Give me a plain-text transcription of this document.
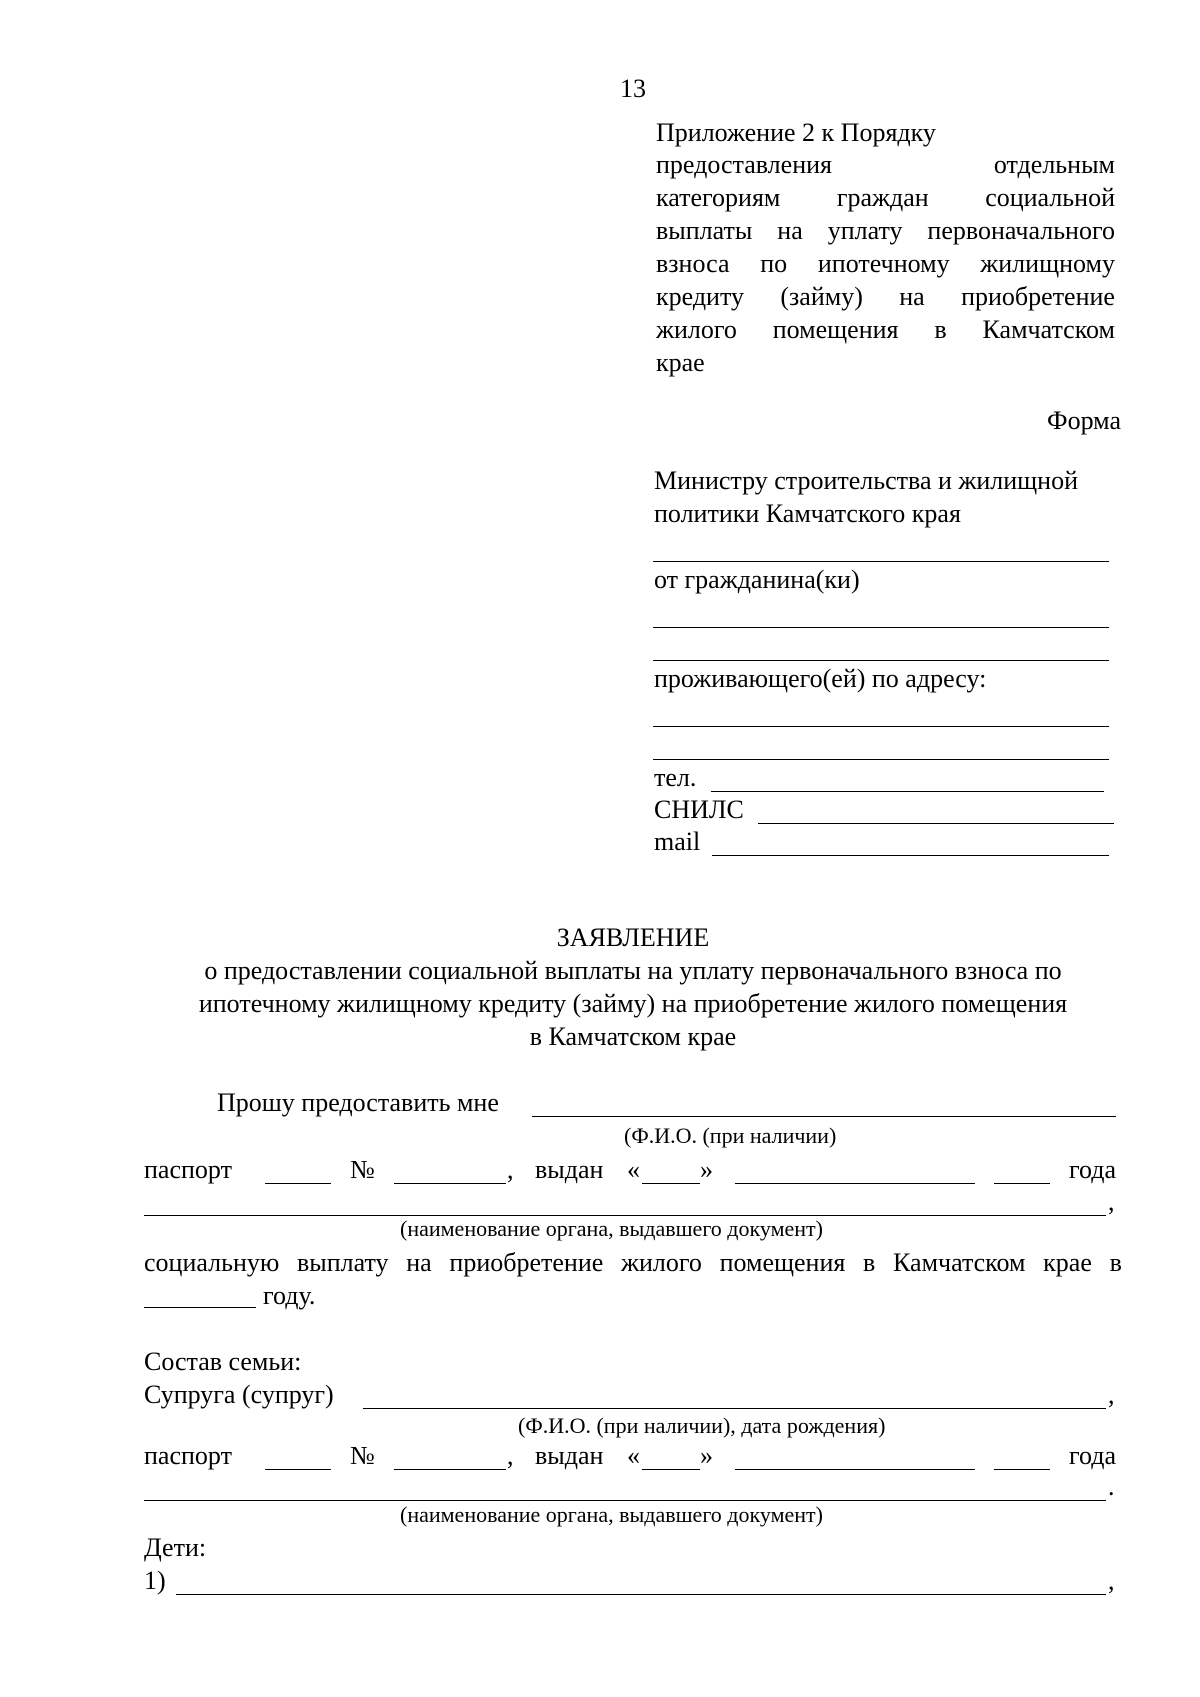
13
Приложение 2 к Порядку
предоставления	отдельным
категориям граждан социальной
выплаты на уплату первоначального
взноса по ипотечному жилищному
кредиту (займу) на приобретение
жилого помещения в Камчатском
крае
Форма
Министру строительства и жилищной
политики Камчатского края
от гражданина(ки)
проживающего(ей) по адресу:
тел.
СНИЛС
mail
ЗАЯВЛЕНИЕ
о предоставлении социальной выплаты на уплату первоначального взноса по
ипотечному жилищному кредиту (займу) на приобретение жилого помещения
в Камчатском крае
Прошу предоставить мне
(Ф.И.О. (при наличии)
паспорт	№	, выдан « »	года
,
(наименование органа, выдавшего документ)
социальную выплату на приобретение жилого помещения в Камчатском крае в
году.
Состав семьи:
Супруга (супруг)	,
(Ф.И.О. (при наличии), дата рождения)
паспорт	№	, выдан « »	года
.
(наименование органа, выдавшего документ)
Дети:
1)	,
